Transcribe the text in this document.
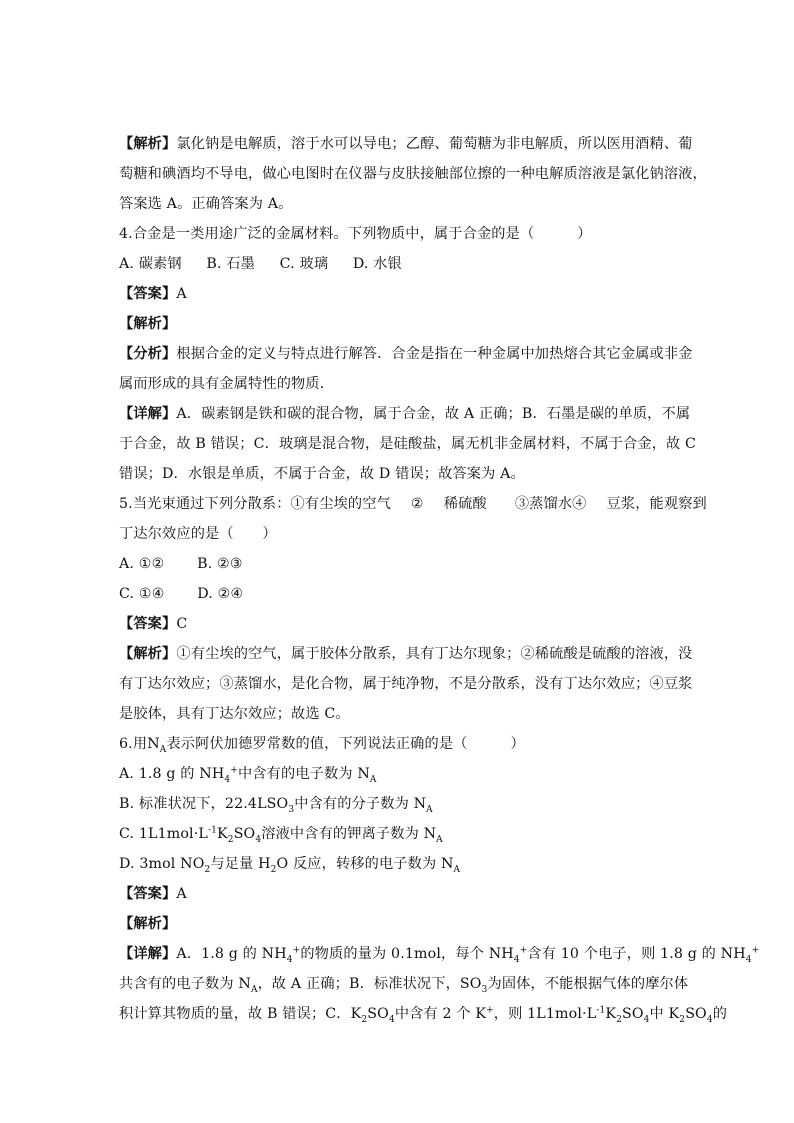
【解析】氯化钠是电解质，溶于水可以导电；乙醇、葡萄糖为非电解质，所以医用酒精、葡
萄糖和碘酒均不导电，做心电图时在仪器与皮肤接触部位擦的一种电解质溶液是氯化钠溶液，
答案选 A。正确答案为 A。
4.合金是一类用途广泛的金属材料。下列物质中，属于合金的是（　　　）
A. 碳素钢 B. 石墨 C. 玻璃 D. 水银
【答案】A
【解析】
【分析】根据合金的定义与特点进行解答．合金是指在一种金属中加热熔合其它金属或非金
属而形成的具有金属特性的物质．
【详解】A．碳素钢是铁和碳的混合物，属于合金，故 A 正确；B．石墨是碳的单质，不属
于合金，故 B 错误；C．玻璃是混合物，是硅酸盐，属无机非金属材料，不属于合金，故 C
错误；D．水银是单质，不属于合金，故 D 错误；故答案为 A。
5.当光束通过下列分散系：①有尘埃的空气 ② 稀硫酸 ③蒸馏水④ 豆浆，能观察到
丁达尔效应的是（　　）
A. ①② B. ②③
C. ①④ D. ②④
【答案】C
【解析】①有尘埃的空气，属于胶体分散系，具有丁达尔现象；②稀硫酸是硫酸的溶液，没
有丁达尔效应；③蒸馏水，是化合物，属于纯净物，不是分散系，没有丁达尔效应；④豆浆
是胶体，具有丁达尔效应；故选 C。
6.用$N_A$表示阿伏加德罗常数的值，下列说法正确的是（　　　）
A. 1.8 g 的 $NH_4^+$中含有的电子数为 $N_A$
B. 标准状况下，$22.4LSO_3$中含有的分子数为 $N_A$
C. $1L1mol\cdot L^{-1}K_2SO_4$溶液中含有的钾离子数为 $N_A$
D. 3mol $NO_2$与足量 $H_2O$ 反应，转移的电子数为 $N_A$
【答案】A
【解析】
【详解】A．1.8 g 的 $NH_4^+$的物质的量为 0.1mol，每个 $NH_4^+$含有 10 个电子，则 1.8 g 的 $NH_4^+$
共含有的电子数为 $N_A$，故 A 正确；B．标准状况下，$SO_3$为固体，不能根据气体的摩尔体
积计算其物质的量，故 B 错误；C．$K_2SO_4$中含有 2 个 K+，则 $1L1mol\cdot L^{-1}K_2SO_4$中 $K_2SO_4$的
